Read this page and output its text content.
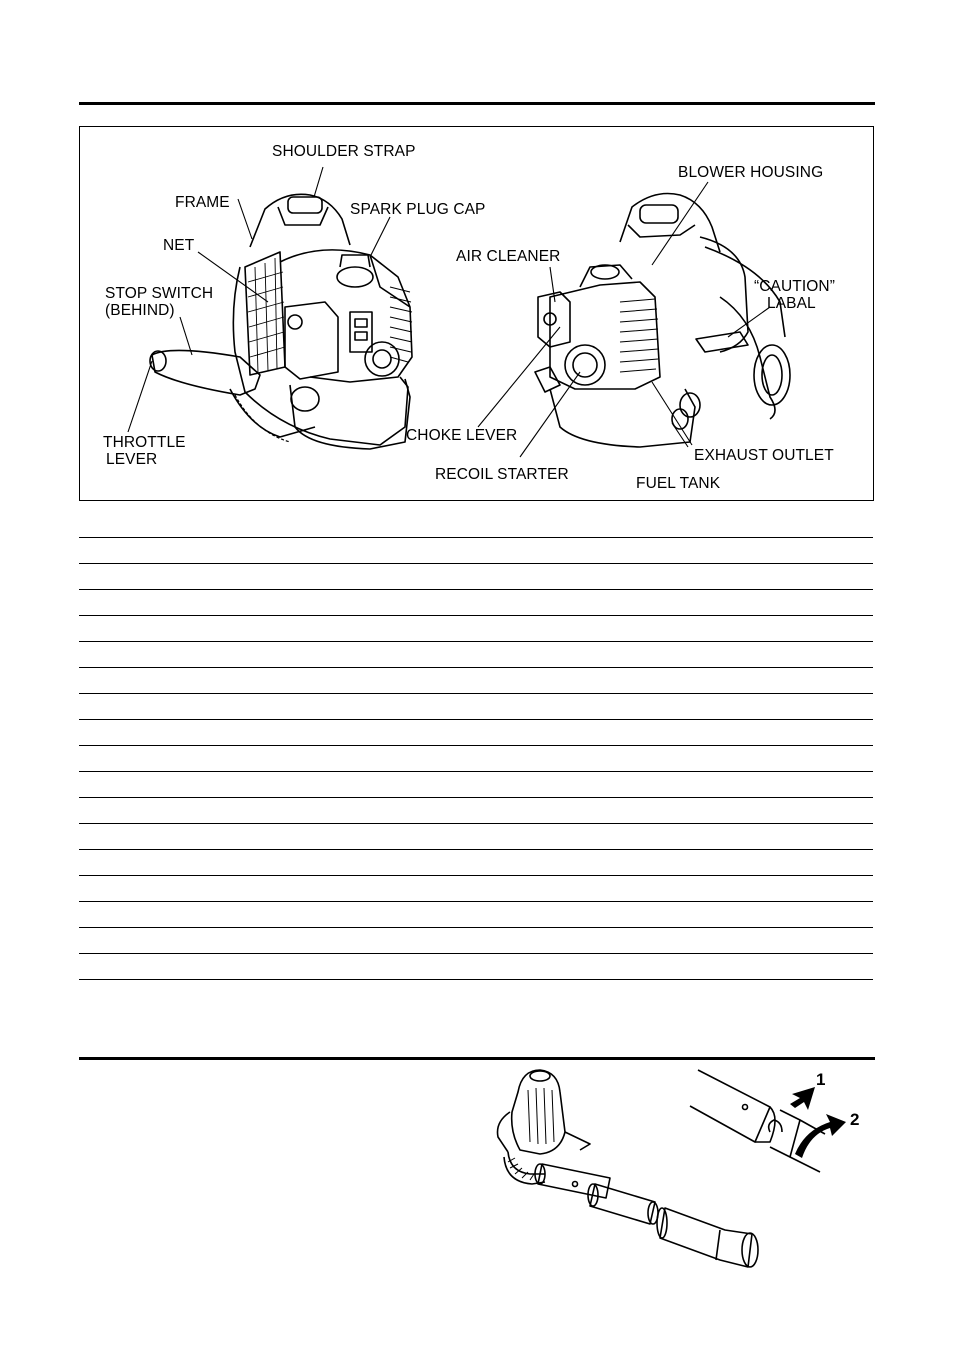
SHOULDER STRAP
FRAME	SPARK PLUG CAP
NET
STOP SWITCH
(BEHIND)
THROTTLE
LEVER
BLOWER HOUSING
AIR CLEANER
“CAUTION”
LABAL
CHOKE LEVER
RECOIL STARTER
EXHAUST OUTLET
FUEL TANK
1
2
